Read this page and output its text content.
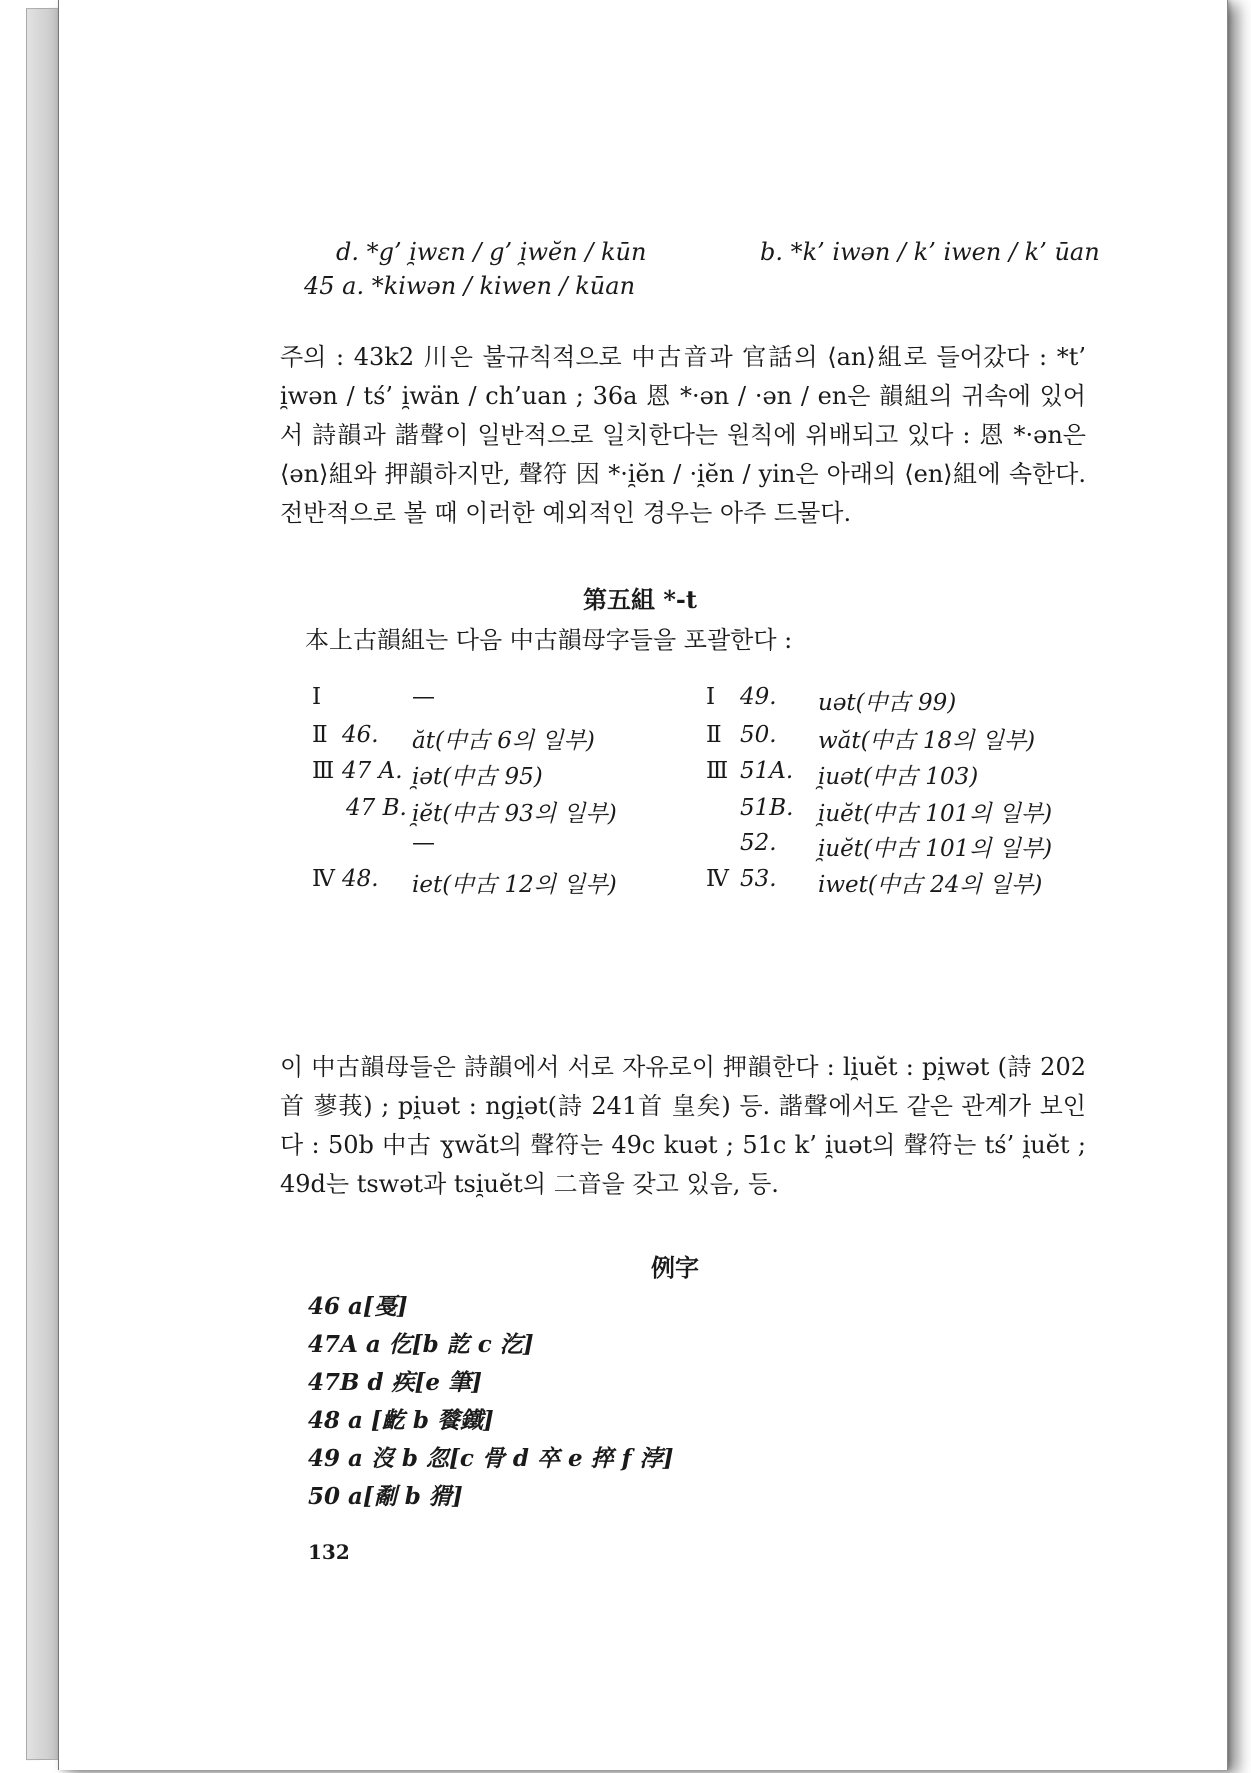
d. *g’ i̯wɛn / g’ i̯wĕn / kūn	b. *k’ iwən / k’ iwen / k’ ūan
45 a. *kiwən / kiwen / kūan
주의 : 43k2 川은 불규칙적으로 中古音과 官話의 ⟨an⟩組로 들어갔다 : *t’ i̯wən / tś’ i̯wän / ch’uan ; 36a 恩 *·ən / ·ən / en은 韻組의 귀속에 있어서 詩韻과 諧聲이 일반적으로 일치한다는 원칙에 위배되고 있다 : 恩 *·ən은 ⟨ən⟩組와 押韻하지만, 聲符 因 *·i̯ĕn / ·i̯ĕn / yin은 아래의 ⟨en⟩組에 속한다. 전반적으로 볼 때 이러한 예외적인 경우는 아주 드물다.
第五組 *-t
本上古韻組는 다음 中古韻母字들을 포괄한다 :
Ⅰ	—
Ⅱ 46. ăt(中古 6의 일부)
Ⅲ 47 A. i̯ət(中古 95)
47 B. i̯ĕt(中古 93의 일부)
—
Ⅳ 48. iet(中古 12의 일부)
Ⅰ 49. uət(中古 99)
Ⅱ 50. wăt(中古 18의 일부)
Ⅲ 51A. i̯uət(中古 103)
51B. i̯uĕt(中古 101의 일부)
52. i̯uĕt(中古 101의 일부)
Ⅳ 53. iwet(中古 24의 일부)
이 中古韻母들은 詩韻에서 서로 자유로이 押韻한다 : li̯uĕt : pi̯wət (詩 202首 蓼莪) ; pi̯uət : ngi̯ət(詩 241首 皇矣) 등. 諧聲에서도 같은 관계가 보인다 : 50b 中古 ɣwăt의 聲符는 49c kuət ; 51c k’ i̯uət의 聲符는 tś’ i̯uĕt ; 49d는 tswət과 tsi̯uĕt의 二音을 갖고 있음, 등.
例字
46 a[戞]
47A a 仡[b 訖 c 汔]
47B d 疾[e 筆]
48 a [齕 b 餮鐵]
49 a 沒 b 忽[c 骨 d 卒 e 捽 f 浡]
50 a[劀 b 猾]
132
